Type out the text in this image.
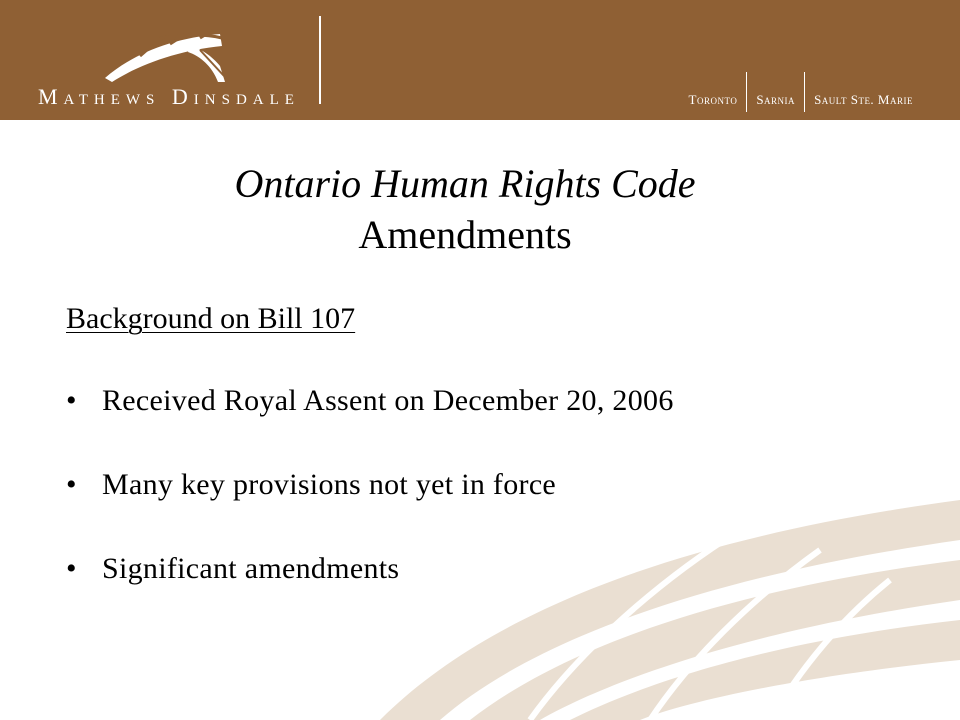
Mathews Dinsdale	Toronto	Sarnia	Sault Ste. Marie
Ontario Human Rights Code
Amendments
Background on Bill 107
• Received Royal Assent on December 20, 2006
• Many key provisions not yet in force
• Significant amendments
